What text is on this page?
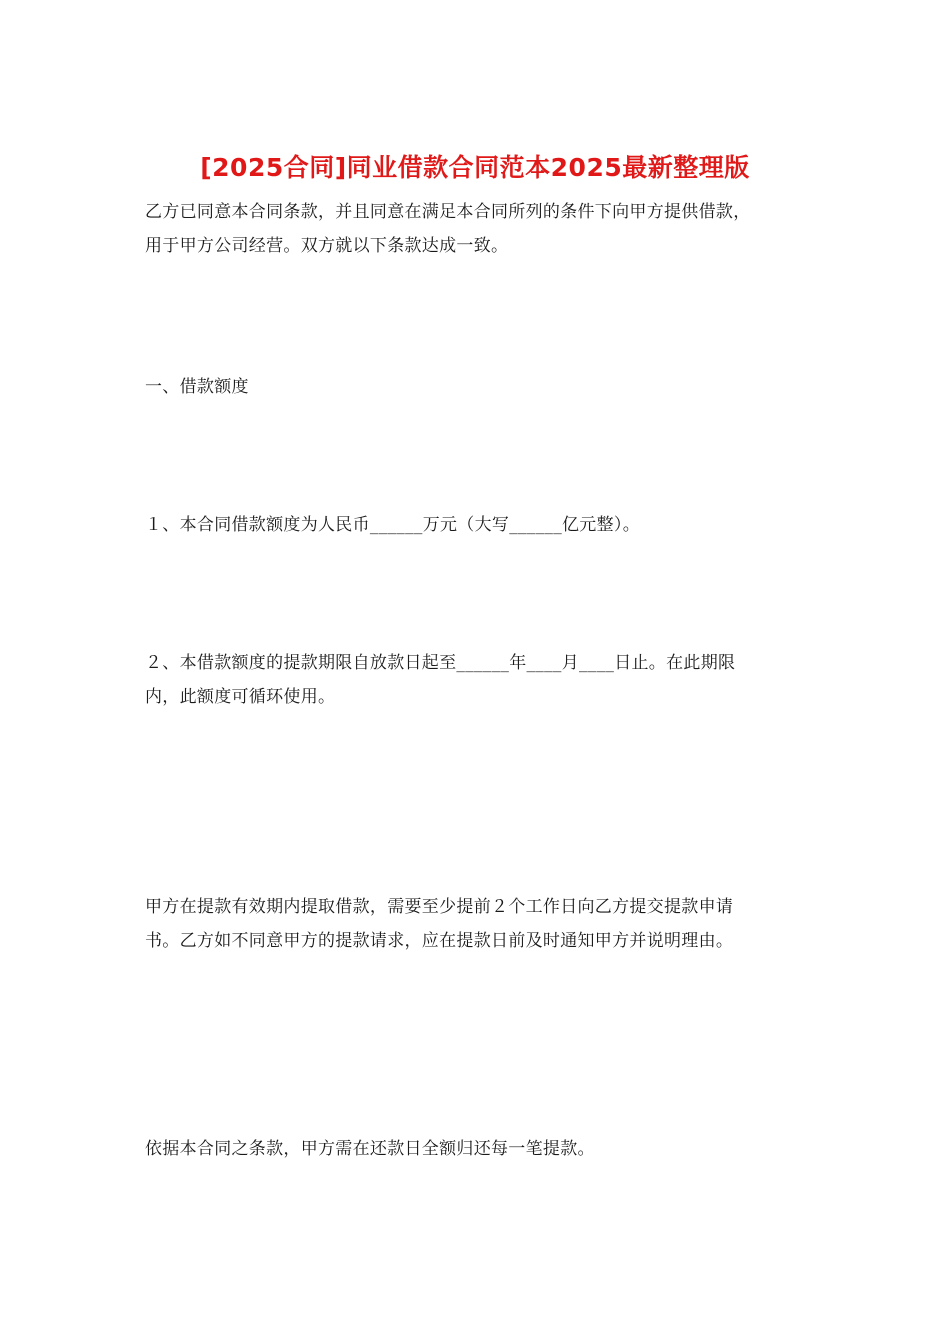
[2025合同]同业借款合同范本2025最新整理版
乙方已同意本合同条款，并且同意在满足本合同所列的条件下向甲方提供借款，
用于甲方公司经营。双方就以下条款达成一致。
一、借款额度
１、本合同借款额度为人民币______万元（大写______亿元整）。
２、本借款额度的提款期限自放款日起至______年____月____日止。在此期限
内，此额度可循环使用。
甲方在提款有效期内提取借款，需要至少提前２个工作日向乙方提交提款申请
书。乙方如不同意甲方的提款请求，应在提款日前及时通知甲方并说明理由。
依据本合同之条款，甲方需在还款日全额归还每一笔提款。
